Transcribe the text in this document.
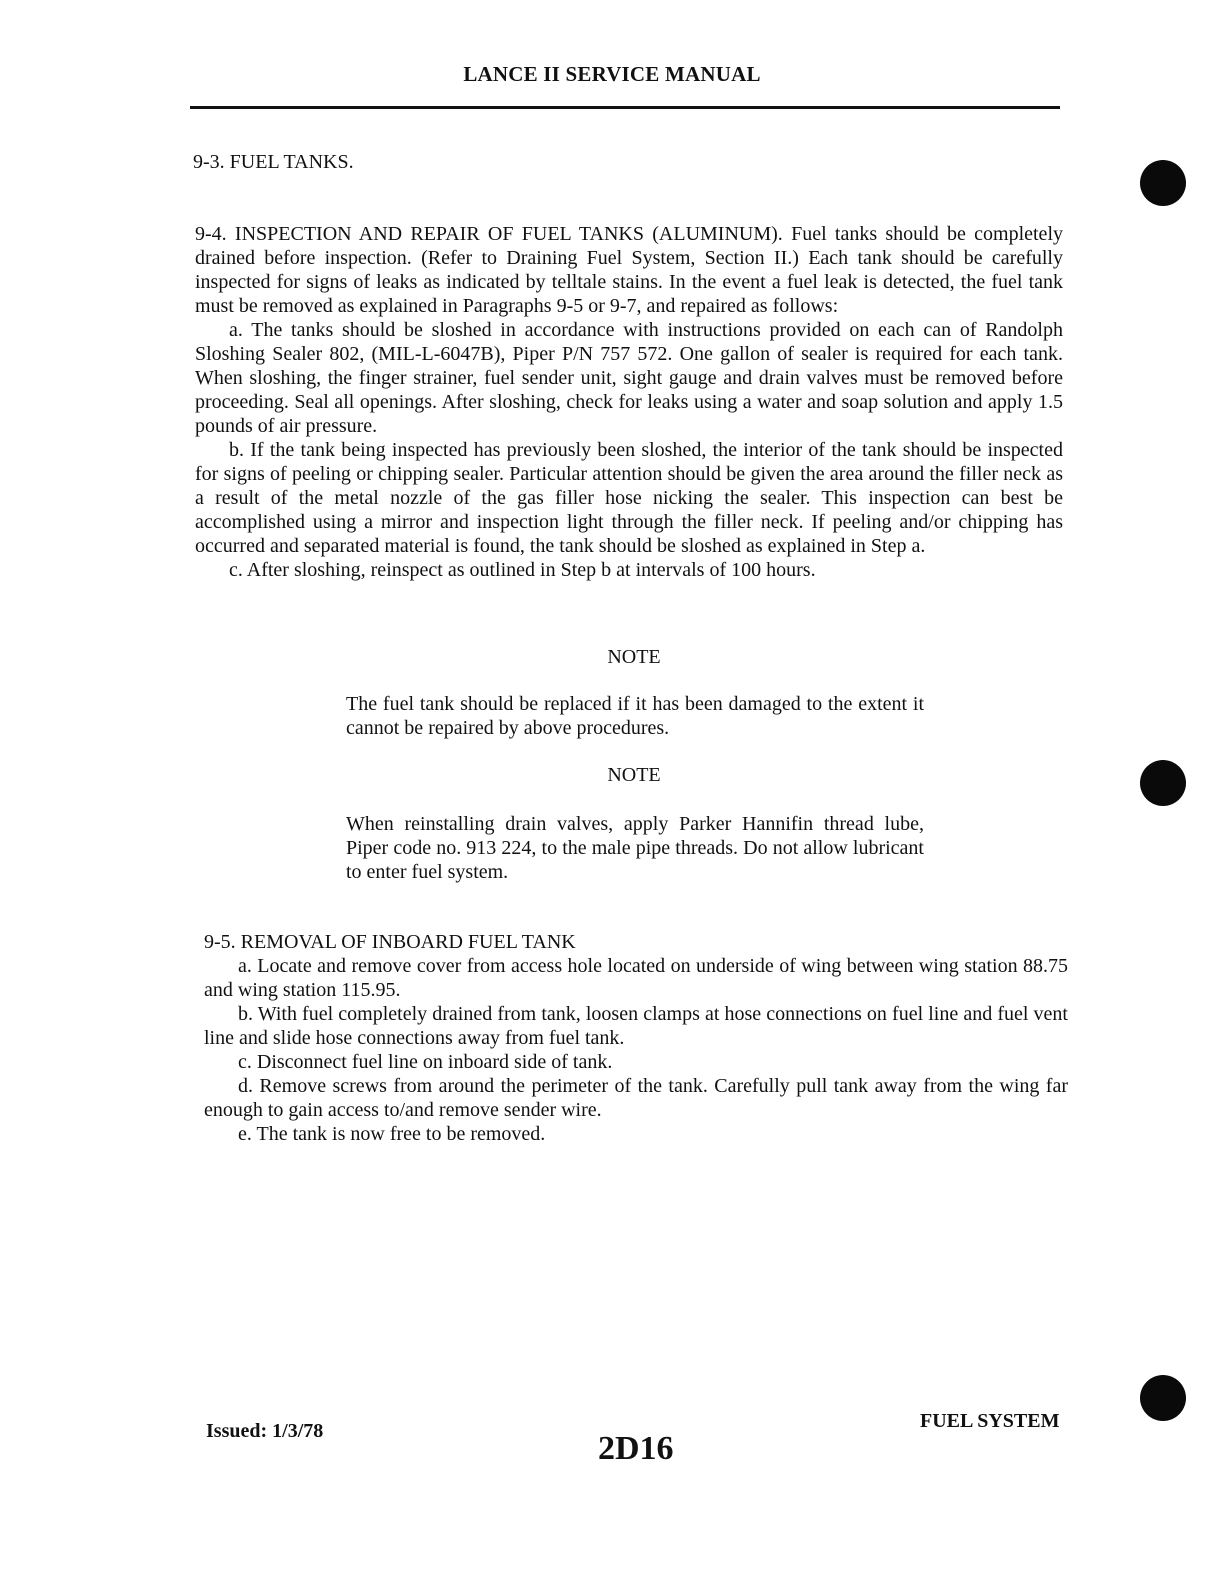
LANCE II SERVICE MANUAL
9-3. FUEL TANKS.

9-4. INSPECTION AND REPAIR OF FUEL TANKS (ALUMINUM). Fuel tanks should be completely drained before inspection. (Refer to Draining Fuel System, Section II.) Each tank should be carefully inspected for signs of leaks as indicated by telltale stains. In the event a fuel leak is detected, the fuel tank must be removed as explained in Paragraphs 9-5 or 9-7, and repaired as follows:

a. The tanks should be sloshed in accordance with instructions provided on each can of Randolph Sloshing Sealer 802, (MIL-L-6047B), Piper P/N 757 572. One gallon of sealer is required for each tank. When sloshing, the finger strainer, fuel sender unit, sight gauge and drain valves must be removed before proceeding. Seal all openings. After sloshing, check for leaks using a water and soap solution and apply 1.5 pounds of air pressure.

b. If the tank being inspected has previously been sloshed, the interior of the tank should be inspected for signs of peeling or chipping sealer. Particular attention should be given the area around the filler neck as a result of the metal nozzle of the gas filler hose nicking the sealer. This inspection can best be accomplished using a mirror and inspection light through the filler neck. If peeling and/or chipping has occurred and separated material is found, the tank should be sloshed as explained in Step a.

c. After sloshing, reinspect as outlined in Step b at intervals of 100 hours.

NOTE
The fuel tank should be replaced if it has been damaged to the extent it cannot be repaired by above procedures.
NOTE
When reinstalling drain valves, apply Parker Hannifin thread lube, Piper code no. 913 224, to the male pipe threads. Do not allow lubricant to enter fuel system.

9-5. REMOVAL OF INBOARD FUEL TANK

a. Locate and remove cover from access hole located on underside of wing between wing station 88.75 and wing station 115.95.

b. With fuel completely drained from tank, loosen clamps at hose connections on fuel line and fuel vent line and slide hose connections away from fuel tank.

c. Disconnect fuel line on inboard side of tank.

d. Remove screws from around the perimeter of the tank. Carefully pull tank away from the wing far enough to gain access to/and remove sender wire.

e. The tank is now free to be removed.

Issued: 1/3/78	2D16
FUEL SYSTEM
